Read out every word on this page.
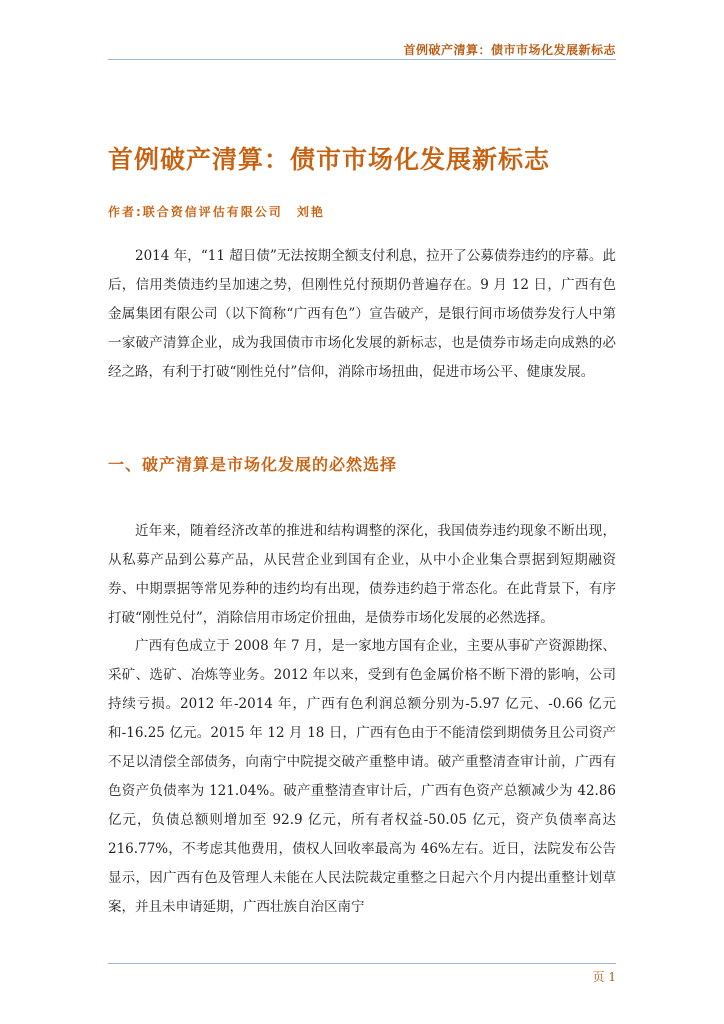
首例破产清算：债市市场化发展新标志
首例破产清算：债市市场化发展新标志
作者:联合资信评估有限公司 刘艳

2014 年，“11 超日债”无法按期全额支付利息，拉开了公募债券违约的序幕。此后，信用类债违约呈加速之势，但刚性兑付预期仍普遍存在。9 月 12 日，广西有色金属集团有限公司（以下简称“广西有色”）宣告破产，是银行间市场债券发行人中第一家破产清算企业，成为我国债市市场化发展的新标志，也是债券市场走向成熟的必经之路，有利于打破“刚性兑付”信仰，消除市场扭曲，促进市场公平、健康发展。

一、破产清算是市场化发展的必然选择

近年来，随着经济改革的推进和结构调整的深化，我国债券违约现象不断出现，从私募产品到公募产品，从民营企业到国有企业，从中小企业集合票据到短期融资券、中期票据等常见券种的违约均有出现，债券违约趋于常态化。在此背景下，有序打破“刚性兑付”，消除信用市场定价扭曲，是债券市场化发展的必然选择。

广西有色成立于 2008 年 7 月，是一家地方国有企业，主要从事矿产资源勘探、采矿、选矿、冶炼等业务。2012 年以来，受到有色金属价格不断下滑的影响，公司持续亏损。2012 年-2014 年，广西有色利润总额分别为-5.97 亿元、-0.66 亿元和-16.25 亿元。2015 年 12 月 18 日，广西有色由于不能清偿到期债务且公司资产不足以清偿全部债务，向南宁中院提交破产重整申请。破产重整清查审计前，广西有色资产负债率为 121.04%。破产重整清查审计后，广西有色资产总额减少为 42.86 亿元，负债总额则增加至 92.9 亿元，所有者权益-50.05 亿元，资产负债率高达 216.77%，不考虑其他费用，债权人回收率最高为 46%左右。近日，法院发布公告显示，因广西有色及管理人未能在人民法院裁定重整之日起六个月内提出重整计划草案，并且未申请延期，广西壮族自治区南宁

页 1
